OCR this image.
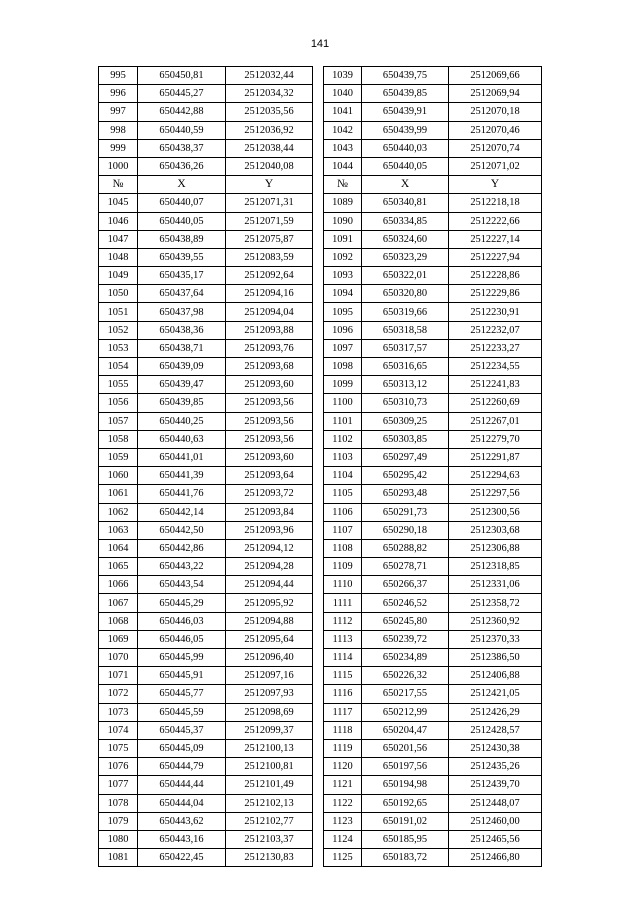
141
995	650450,81	2512032,44		1039	650439,75	2512069,66
996	650445,27	2512034,32		1040	650439,85	2512069,94
997	650442,88	2512035,56		1041	650439,91	2512070,18
998	650440,59	2512036,92		1042	650439,99	2512070,46
999	650438,37	2512038,44		1043	650440,03	2512070,74
1000	650436,26	2512040,08		1044	650440,05	2512071,02
№	X	Y		№	X	Y
1045	650440,07	2512071,31		1089	650340,81	2512218,18
1046	650440,05	2512071,59		1090	650334,85	2512222,66
1047	650438,89	2512075,87		1091	650324,60	2512227,14
1048	650439,55	2512083,59		1092	650323,29	2512227,94
1049	650435,17	2512092,64		1093	650322,01	2512228,86
1050	650437,64	2512094,16		1094	650320,80	2512229,86
1051	650437,98	2512094,04		1095	650319,66	2512230,91
1052	650438,36	2512093,88		1096	650318,58	2512232,07
1053	650438,71	2512093,76		1097	650317,57	2512233,27
1054	650439,09	2512093,68		1098	650316,65	2512234,55
1055	650439,47	2512093,60		1099	650313,12	2512241,83
1056	650439,85	2512093,56		1100	650310,73	2512260,69
1057	650440,25	2512093,56		1101	650309,25	2512267,01
1058	650440,63	2512093,56		1102	650303,85	2512279,70
1059	650441,01	2512093,60		1103	650297,49	2512291,87
1060	650441,39	2512093,64		1104	650295,42	2512294,63
1061	650441,76	2512093,72		1105	650293,48	2512297,56
1062	650442,14	2512093,84		1106	650291,73	2512300,56
1063	650442,50	2512093,96		1107	650290,18	2512303,68
1064	650442,86	2512094,12		1108	650288,82	2512306,88
1065	650443,22	2512094,28		1109	650278,71	2512318,85
1066	650443,54	2512094,44		1110	650266,37	2512331,06
1067	650445,29	2512095,92		1111	650246,52	2512358,72
1068	650446,03	2512094,88		1112	650245,80	2512360,92
1069	650446,05	2512095,64		1113	650239,72	2512370,33
1070	650445,99	2512096,40		1114	650234,89	2512386,50
1071	650445,91	2512097,16		1115	650226,32	2512406,88
1072	650445,77	2512097,93		1116	650217,55	2512421,05
1073	650445,59	2512098,69		1117	650212,99	2512426,29
1074	650445,37	2512099,37		1118	650204,47	2512428,57
1075	650445,09	2512100,13		1119	650201,56	2512430,38
1076	650444,79	2512100,81		1120	650197,56	2512435,26
1077	650444,44	2512101,49		1121	650194,98	2512439,70
1078	650444,04	2512102,13		1122	650192,65	2512448,07
1079	650443,62	2512102,77		1123	650191,02	2512460,00
1080	650443,16	2512103,37		1124	650185,95	2512465,56
1081	650422,45	2512130,83		1125	650183,72	2512466,80
